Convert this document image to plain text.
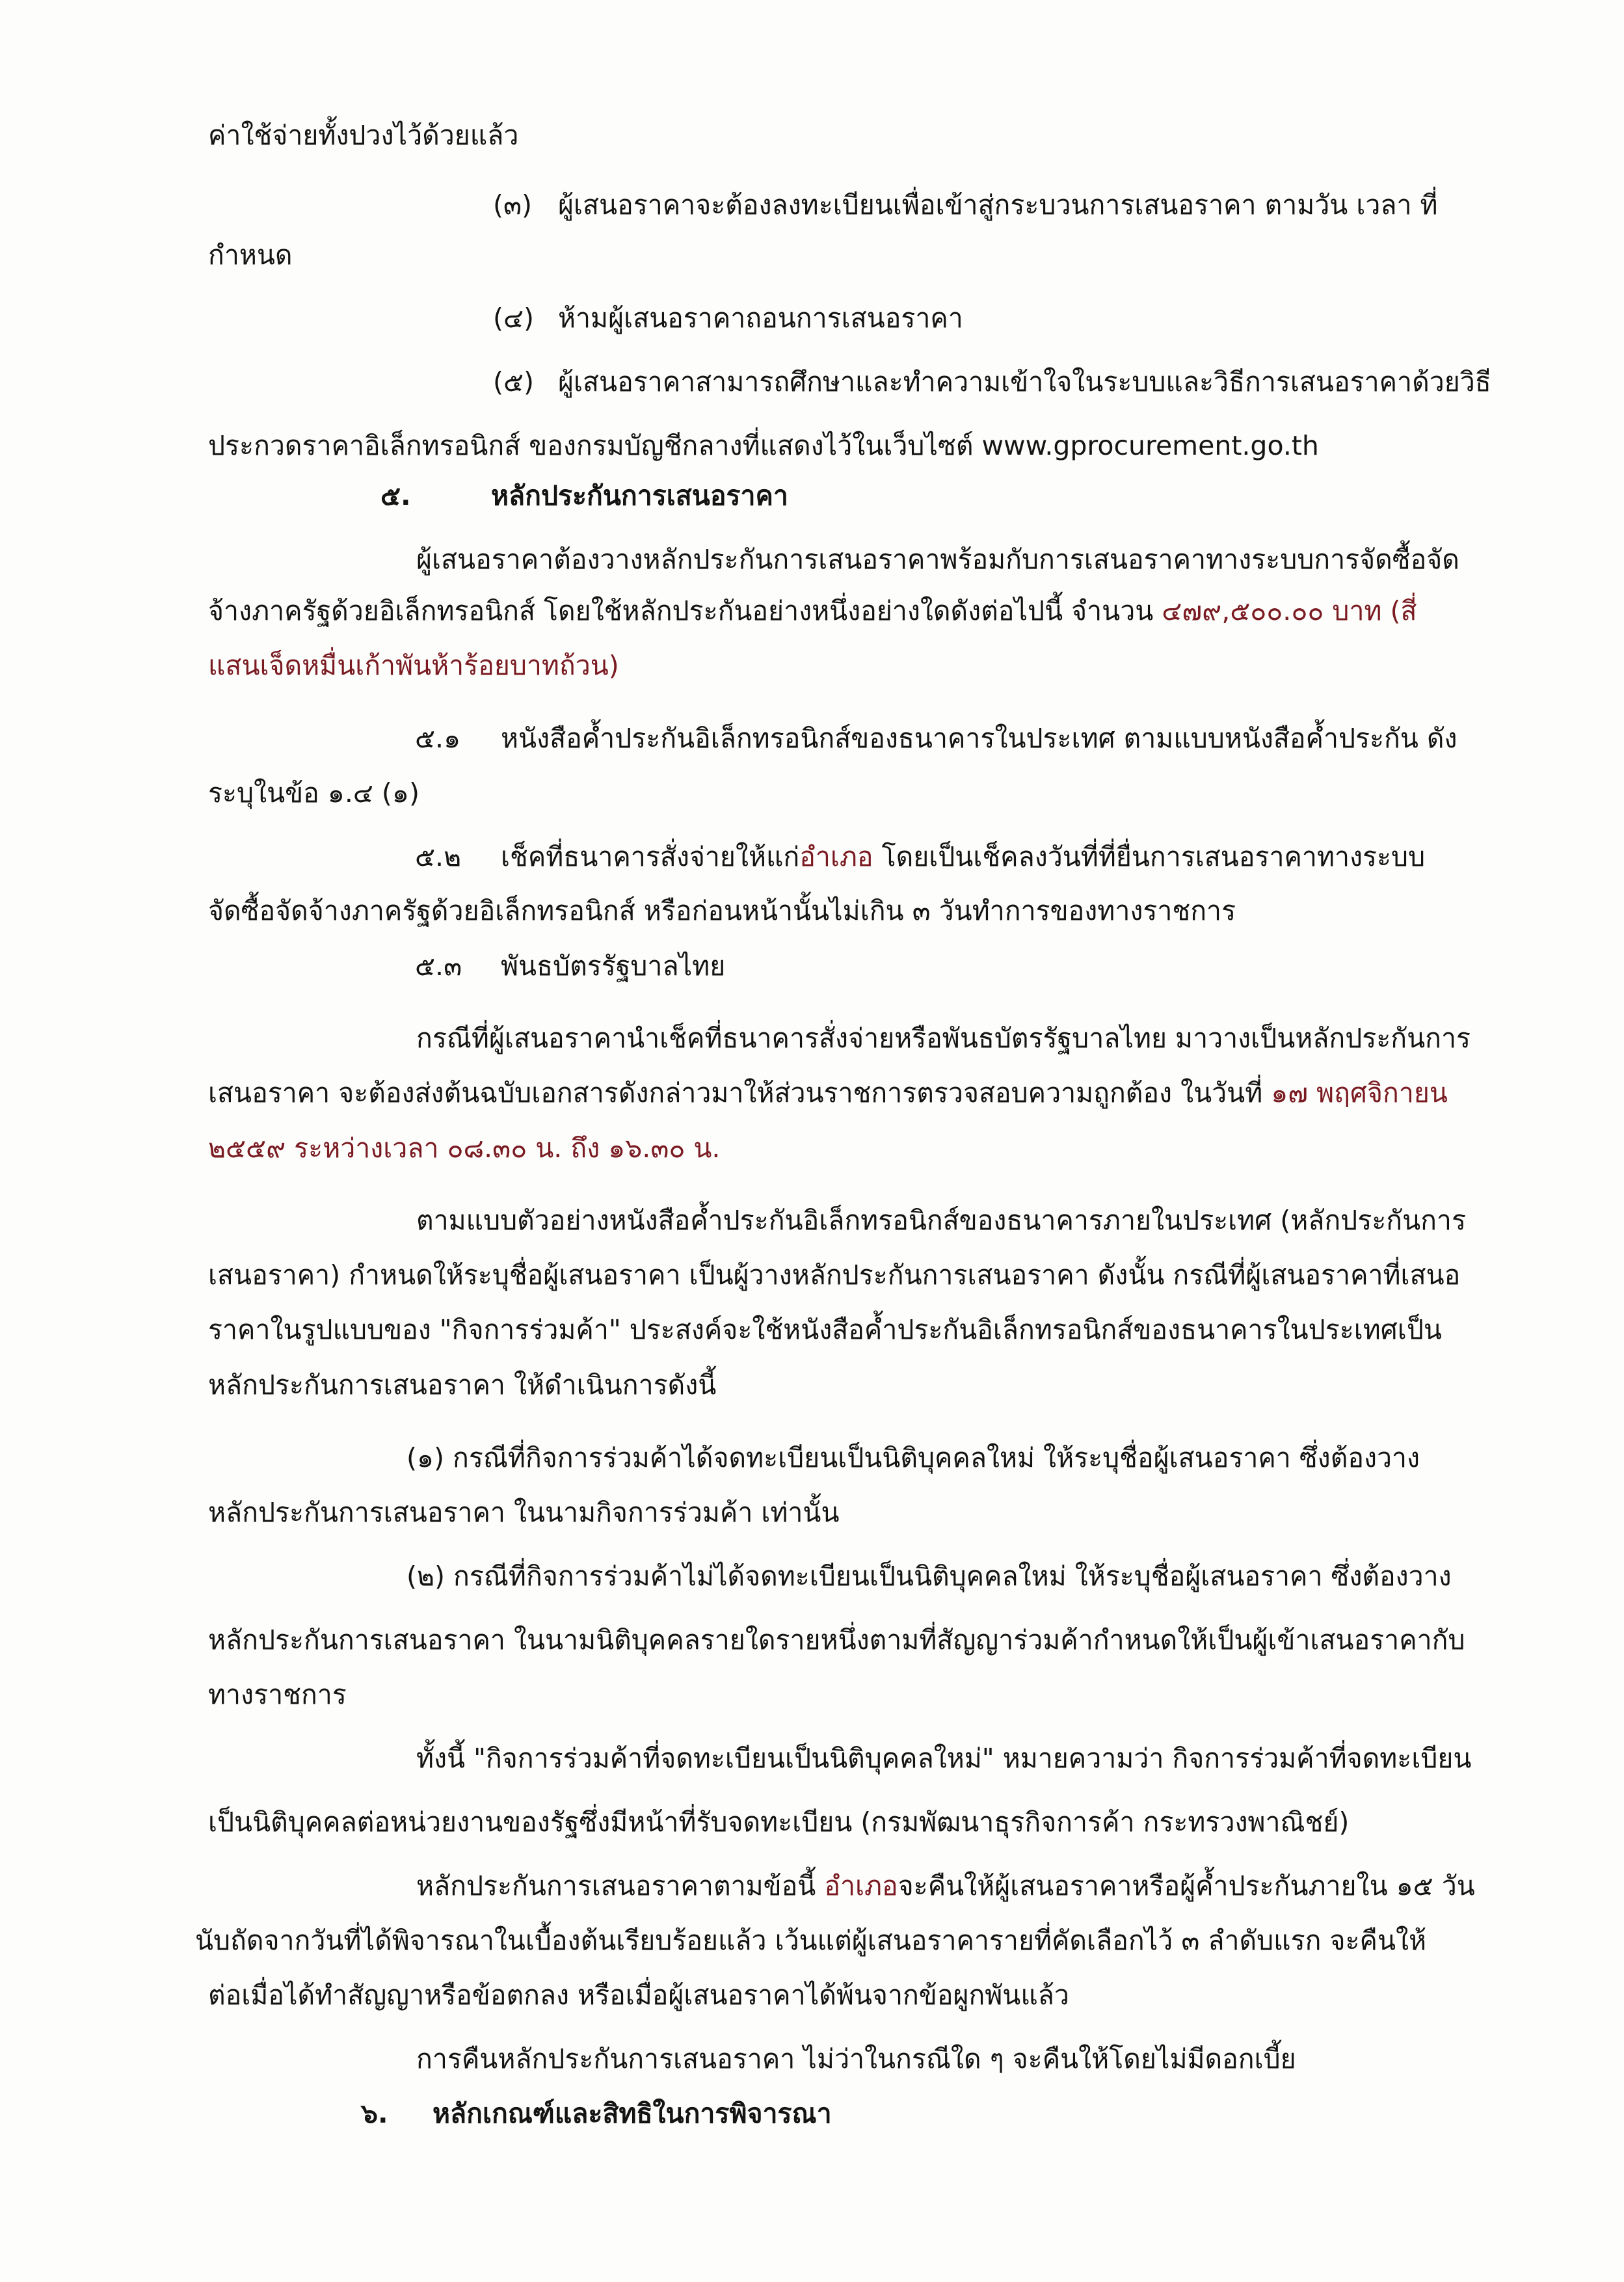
ค่าใช้จ่ายทั้งปวงไว้ด้วยแล้ว
(๓) ผู้เสนอราคาจะต้องลงทะเบียนเพื่อเข้าสู่กระบวนการเสนอราคา ตามวัน เวลา ที่
กำหนด
(๔) ห้ามผู้เสนอราคาถอนการเสนอราคา
(๕) ผู้เสนอราคาสามารถศึกษาและทำความเข้าใจในระบบและวิธีการเสนอราคาด้วยวิธี
ประกวดราคาอิเล็กทรอนิกส์ ของกรมบัญชีกลางที่แสดงไว้ในเว็บไซต์ www.gprocurement.go.th
๕.	หลักประกันการเสนอราคา
ผู้เสนอราคาต้องวางหลักประกันการเสนอราคาพร้อมกับการเสนอราคาทางระบบการจัดซื้อจัด
จ้างภาครัฐด้วยอิเล็กทรอนิกส์ โดยใช้หลักประกันอย่างหนึ่งอย่างใดดังต่อไปนี้ จำนวน ๔๗๙,๕๐๐.๐๐ บาท (สี่
แสนเจ็ดหมื่นเก้าพันห้าร้อยบาทถ้วน)
๕.๑ หนังสือค้ำประกันอิเล็กทรอนิกส์ของธนาคารในประเทศ ตามแบบหนังสือค้ำประกัน ดัง
ระบุในข้อ ๑.๔ (๑)
๕.๒ เช็คที่ธนาคารสั่งจ่ายให้แก่อำเภอ โดยเป็นเช็คลงวันที่ที่ยื่นการเสนอราคาทางระบบ
จัดซื้อจัดจ้างภาครัฐด้วยอิเล็กทรอนิกส์ หรือก่อนหน้านั้นไม่เกิน ๓ วันทำการของทางราชการ
๕.๓ พันธบัตรรัฐบาลไทย
กรณีที่ผู้เสนอราคานำเช็คที่ธนาคารสั่งจ่ายหรือพันธบัตรรัฐบาลไทย มาวางเป็นหลักประกันการ
เสนอราคา จะต้องส่งต้นฉบับเอกสารดังกล่าวมาให้ส่วนราชการตรวจสอบความถูกต้อง ในวันที่ ๑๗ พฤศจิกายน
๒๕๕๙ ระหว่างเวลา ๐๘.๓๐ น. ถึง ๑๖.๓๐ น.
ตามแบบตัวอย่างหนังสือค้ำประกันอิเล็กทรอนิกส์ของธนาคารภายในประเทศ (หลักประกันการ
เสนอราคา) กำหนดให้ระบุชื่อผู้เสนอราคา เป็นผู้วางหลักประกันการเสนอราคา ดังนั้น กรณีที่ผู้เสนอราคาที่เสนอ
ราคาในรูปแบบของ "กิจการร่วมค้า" ประสงค์จะใช้หนังสือค้ำประกันอิเล็กทรอนิกส์ของธนาคารในประเทศเป็น
หลักประกันการเสนอราคา ให้ดำเนินการดังนี้
(๑) กรณีที่กิจการร่วมค้าได้จดทะเบียนเป็นนิติบุคคลใหม่ ให้ระบุชื่อผู้เสนอราคา ซึ่งต้องวาง
หลักประกันการเสนอราคา ในนามกิจการร่วมค้า เท่านั้น
(๒) กรณีที่กิจการร่วมค้าไม่ได้จดทะเบียนเป็นนิติบุคคลใหม่ ให้ระบุชื่อผู้เสนอราคา ซึ่งต้องวาง
หลักประกันการเสนอราคา ในนามนิติบุคคลรายใดรายหนึ่งตามที่สัญญาร่วมค้ากำหนดให้เป็นผู้เข้าเสนอราคากับ
ทางราชการ
ทั้งนี้ "กิจการร่วมค้าที่จดทะเบียนเป็นนิติบุคคลใหม่" หมายความว่า กิจการร่วมค้าที่จดทะเบียน
เป็นนิติบุคคลต่อหน่วยงานของรัฐซึ่งมีหน้าที่รับจดทะเบียน (กรมพัฒนาธุรกิจการค้า กระทรวงพาณิชย์)
หลักประกันการเสนอราคาตามข้อนี้ อำเภอจะคืนให้ผู้เสนอราคาหรือผู้ค้ำประกันภายใน ๑๕ วัน
นับถัดจากวันที่ได้พิจารณาในเบื้องต้นเรียบร้อยแล้ว เว้นแต่ผู้เสนอราคารายที่คัดเลือกไว้ ๓ ลำดับแรก จะคืนให้
ต่อเมื่อได้ทำสัญญาหรือข้อตกลง หรือเมื่อผู้เสนอราคาได้พ้นจากข้อผูกพันแล้ว
การคืนหลักประกันการเสนอราคา ไม่ว่าในกรณีใด ๆ จะคืนให้โดยไม่มีดอกเบี้ย
๖. หลักเกณฑ์และสิทธิในการพิจารณา
